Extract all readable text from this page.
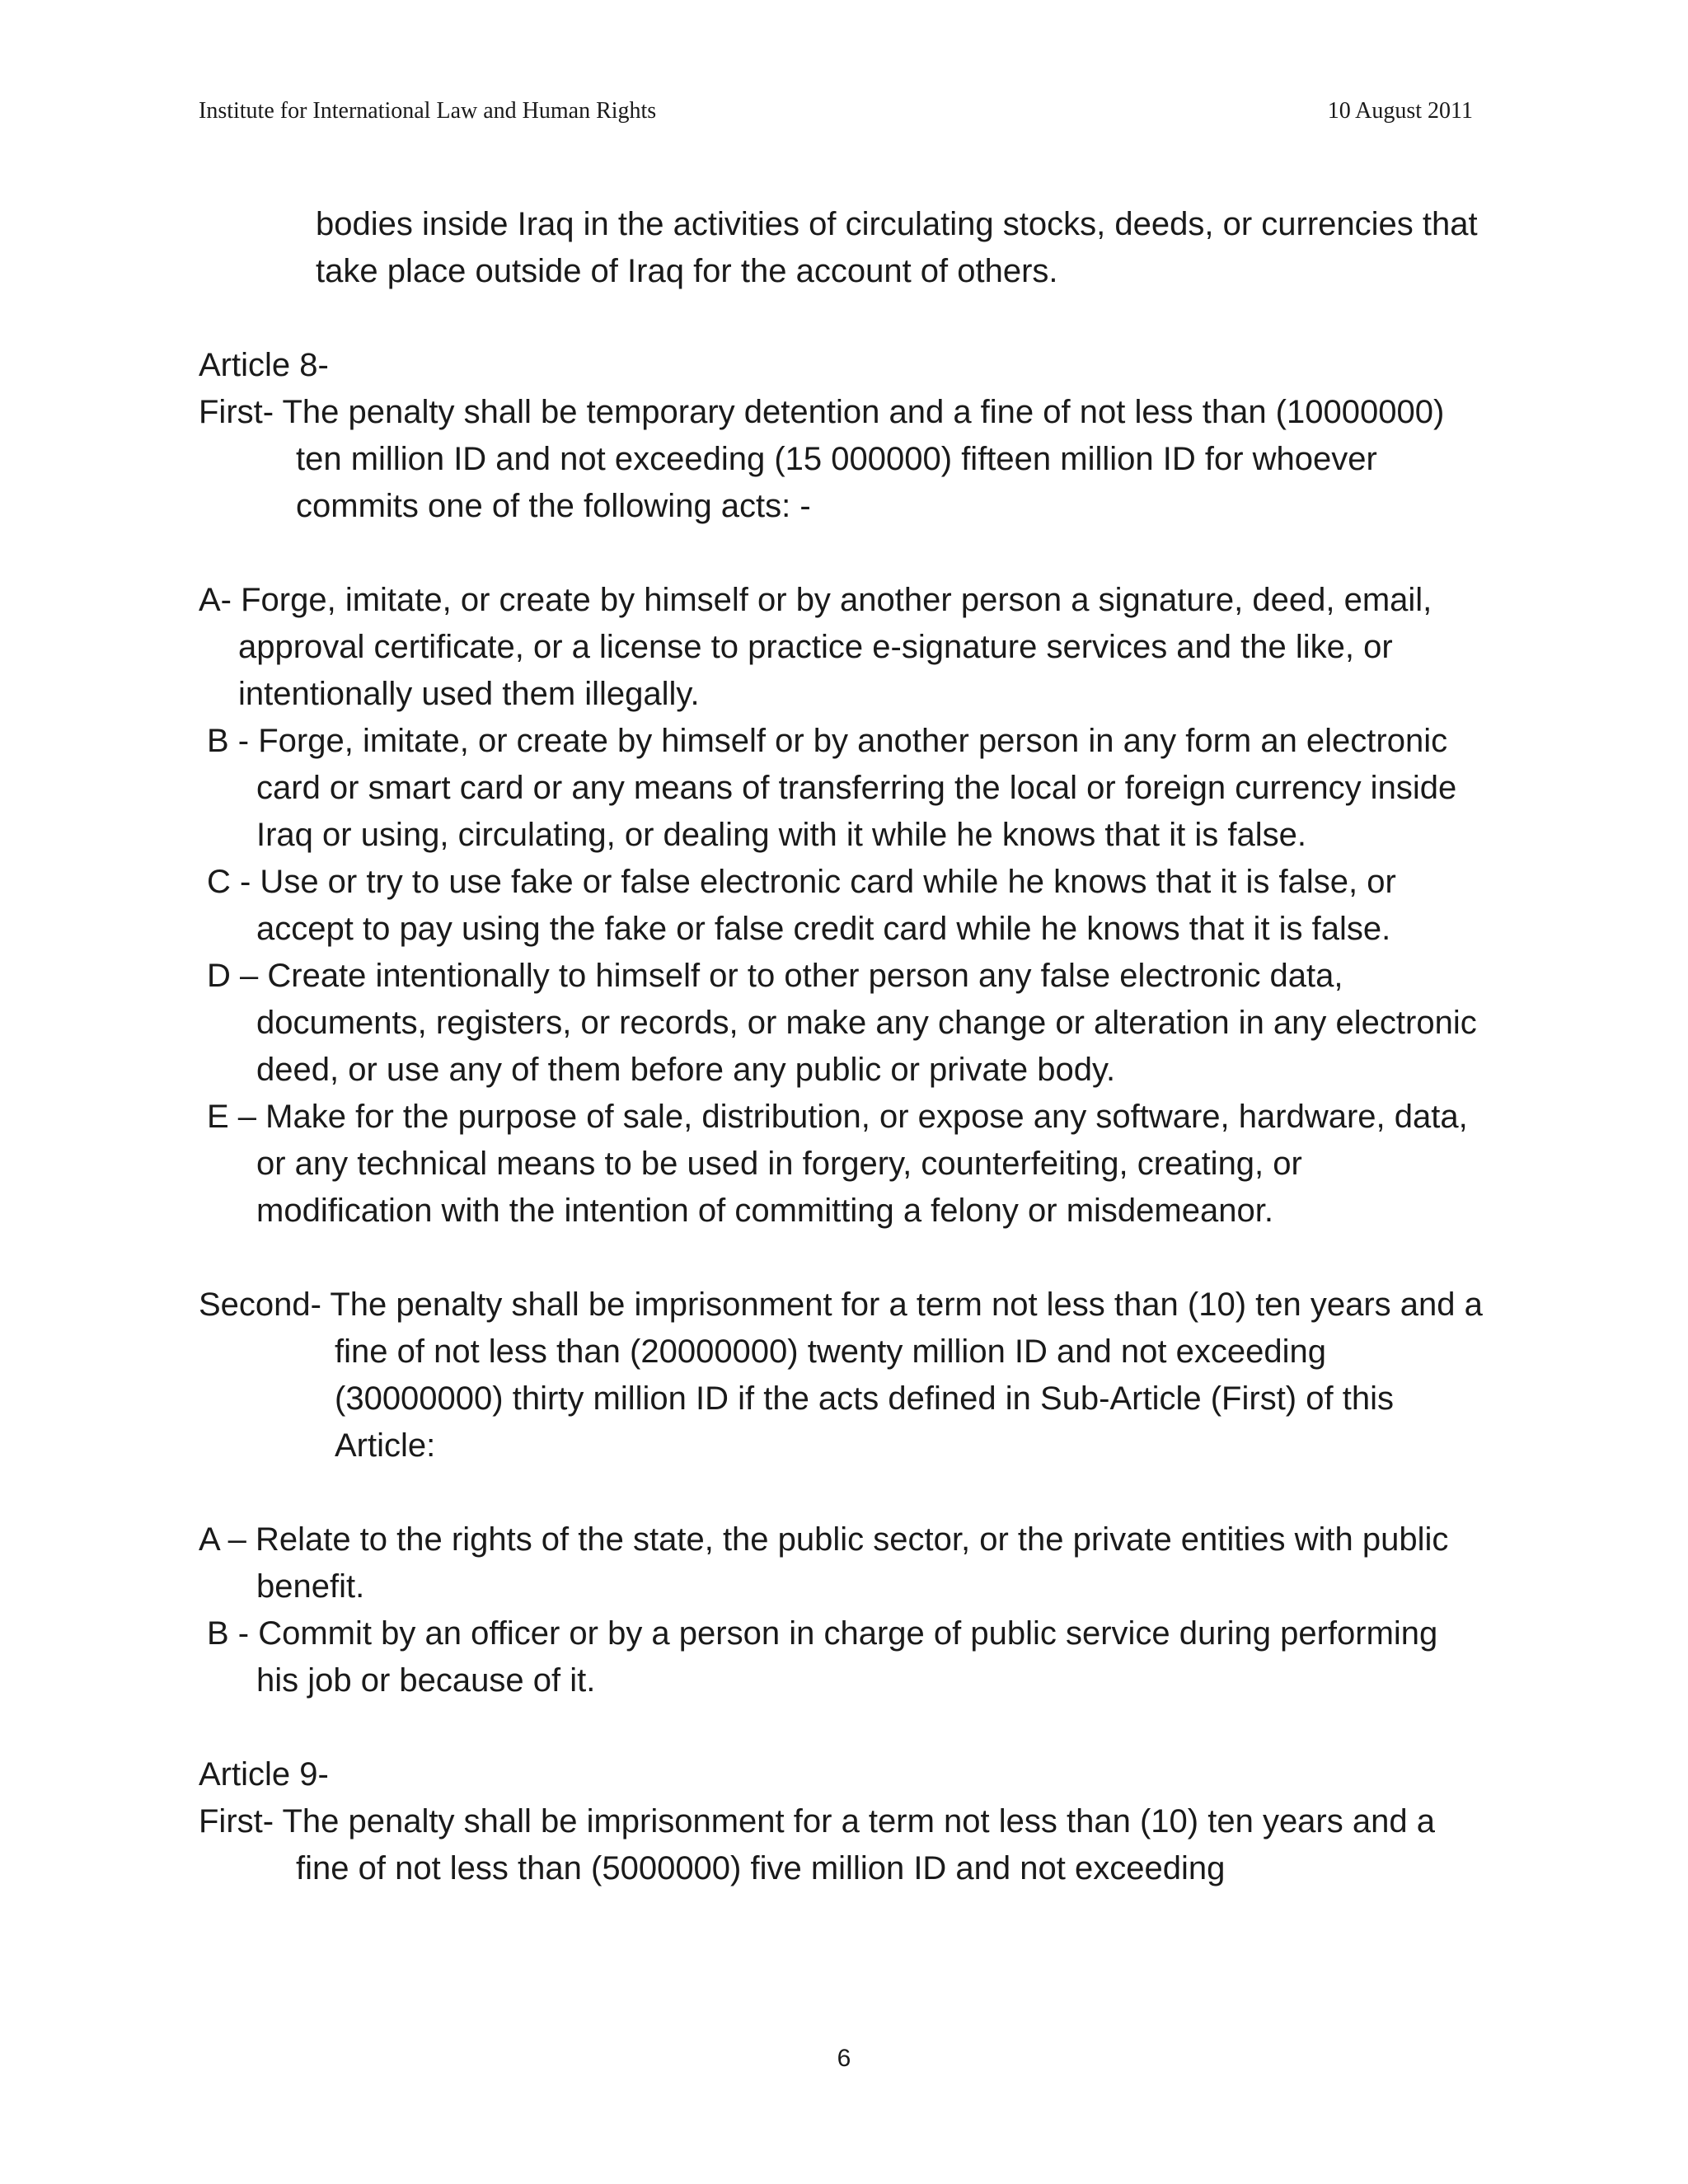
Institute for International Law and Human Rights	10 August 2011

bodies inside Iraq in the activities of circulating stocks, deeds, or currencies that take place outside of Iraq for the account of others.

Article 8-

First- The penalty shall be temporary detention and a fine of not less than (10000000) ten million ID and not exceeding (15 000000) fifteen million ID for whoever commits one of the following acts: -

A- Forge, imitate, or create by himself or by another person a signature, deed, email, approval certificate, or a license to practice e-signature services and the like, or intentionally used them illegally.

B - Forge, imitate, or create by himself or by another person in any form an electronic card or smart card or any means of transferring the local or foreign currency inside Iraq or using, circulating, or dealing with it while he knows that it is false.

C - Use or try to use fake or false electronic card while he knows that it is false, or accept to pay using the fake or false credit card while he knows that it is false.

D – Create intentionally to himself or to other person any false electronic data, documents, registers, or records, or make any change or alteration in any electronic deed, or use any of them before any public or private body.

E – Make for the purpose of sale, distribution, or expose any software, hardware, data, or any technical means to be used in forgery, counterfeiting, creating, or modification with the intention of committing a felony or misdemeanor.

Second- The penalty shall be imprisonment for a term not less than (10) ten years and a fine of not less than (20000000) twenty million ID and not exceeding (30000000) thirty million ID if the acts defined in Sub-Article (First) of this Article:

A – Relate to the rights of the state, the public sector, or the private entities with public benefit.

B - Commit by an officer or by a person in charge of public service during performing his job or because of it.

Article 9-

First- The penalty shall be imprisonment for a term not less than (10) ten years and a fine of not less than (5000000) five million ID and not exceeding

6
